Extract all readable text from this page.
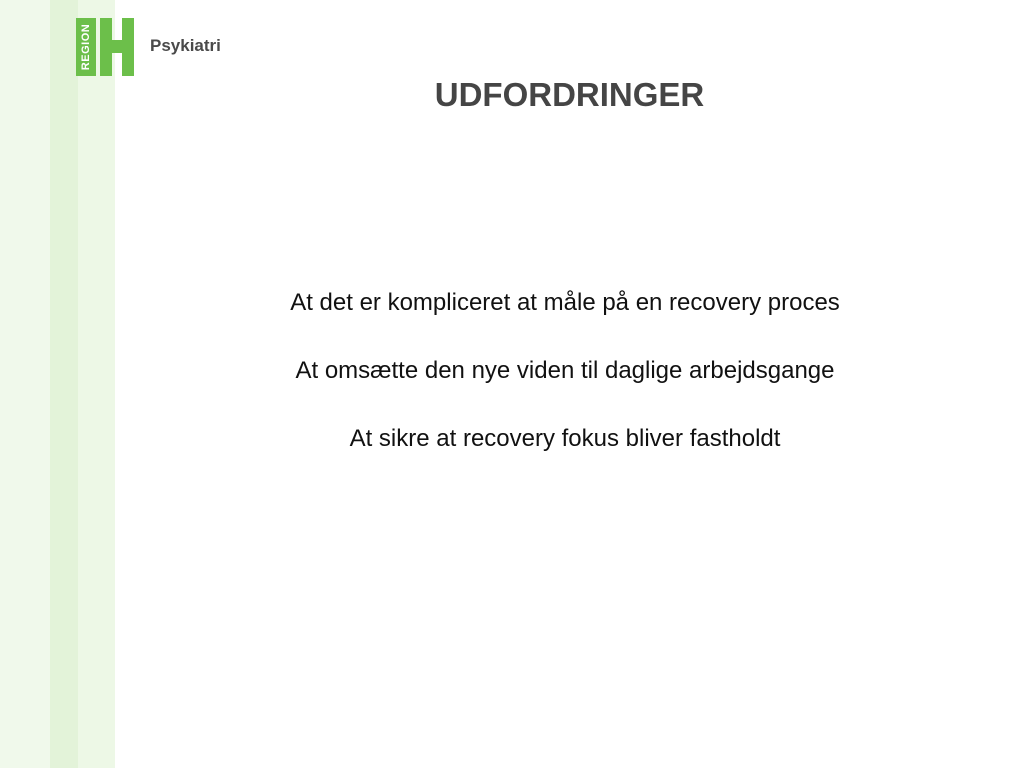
REGION	Psykiatri
UDFORDRINGER
At det er kompliceret at måle på en recovery proces
At omsætte den nye viden til daglige arbejdsgange
At sikre at recovery fokus bliver fastholdt
